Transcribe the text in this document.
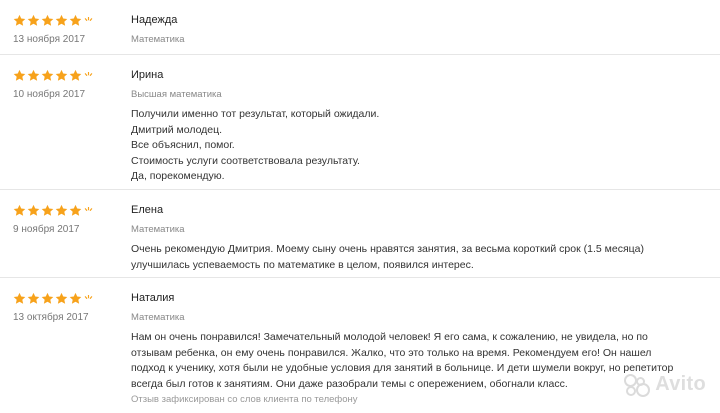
13 ноября 2017
Надежда
Математика
10 ноября 2017
Ирина
Высшая математика

Получили именно тот результат, который ожидали.

Дмитрий молодец.

Все объяснил, помог.

Стоимость услуги соответствовала результату.

Да, порекомендую.

9 ноября 2017
Елена
Математика

Очень рекомендую Дмитрия. Моему сыну очень нравятся занятия, за весьма короткий срок (1.5 месяца)

улучшилась успеваемость по математике в целом, появился интерес.

13 октября 2017
Наталия
Математика

Нам он очень понравился! Замечательный молодой человек! Я его сама, к сожалению, не увидела, но по

отзывам ребенка, он ему очень понравился. Жалко, что это только на время. Рекомендуем его! Он нашел

подход к ученику, хотя были не удобные условия для занятий в больнице. И дети шумели вокруг, но репетитор

всегда был готов к занятиям. Они даже разобрали темы с опережением, обогнали класс.

Отзыв зафиксирован со слов клиента по телефону
Avito
